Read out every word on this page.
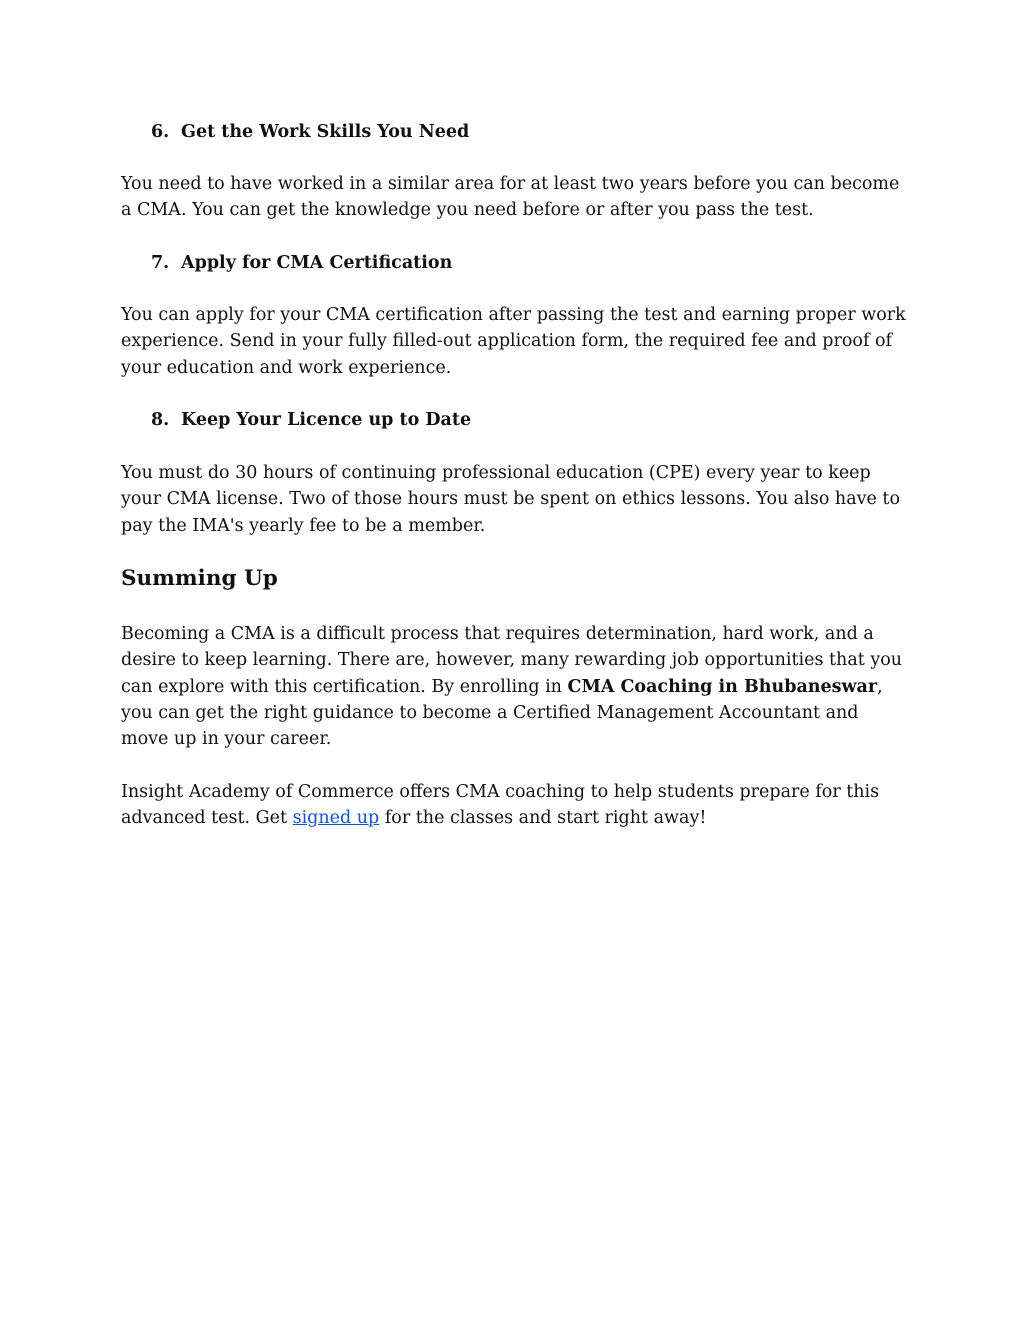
6. Get the Work Skills You Need

You need to have worked in a similar area for at least two years before you can become a CMA. You can get the knowledge you need before or after you pass the test.

7. Apply for CMA Certification

You can apply for your CMA certification after passing the test and earning proper work experience. Send in your fully filled-out application form, the required fee and proof of your education and work experience.

8. Keep Your Licence up to Date

You must do 30 hours of continuing professional education (CPE) every year to keep your CMA license. Two of those hours must be spent on ethics lessons. You also have to pay the IMA's yearly fee to be a member.

Summing Up

Becoming a CMA is a difficult process that requires determination, hard work, and a desire to keep learning. There are, however, many rewarding job opportunities that you can explore with this certification. By enrolling in CMA Coaching in Bhubaneswar, you can get the right guidance to become a Certified Management Accountant and move up in your career.

Insight Academy of Commerce offers CMA coaching to help students prepare for this advanced test. Get signed up for the classes and start right away!
